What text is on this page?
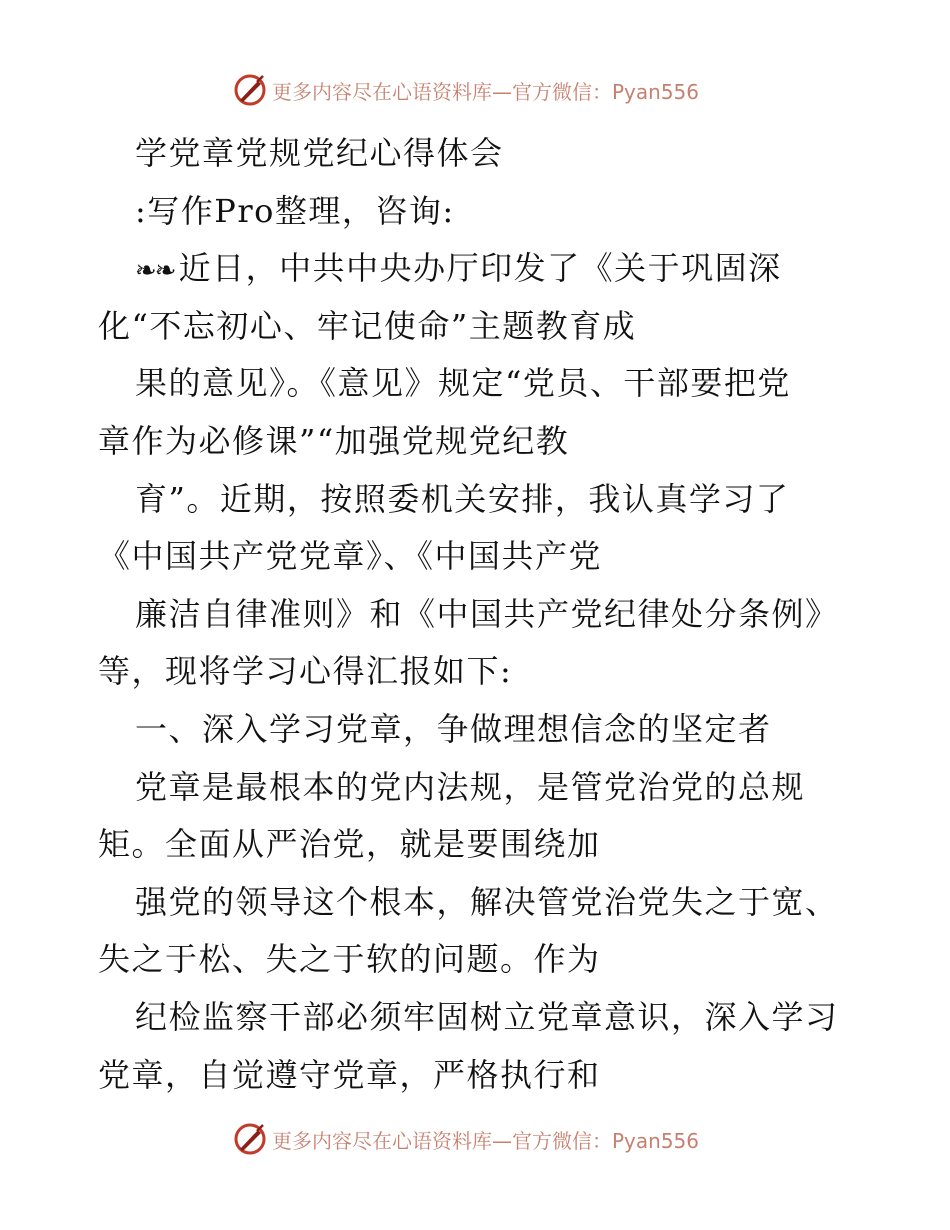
更多内容尽在心语资料库—官方微信：Pyan556
学党章党规党纪心得体会
:写作Pro整理，咨询:
❧❧ 近日，中共中央办厅印发了《关于巩固深
化“不忘初心、牢记使命”主题教育成
果的意见》。《意见》规定“党员、干部要把党
章作为必修课”“加强党规党纪教
育”。近期，按照委机关安排，我认真学习了
《中国共产党党章》、《中国共产党
廉洁自律准则》和《中国共产党纪律处分条例》
等，现将学习心得汇报如下:
一、深入学习党章，争做理想信念的坚定者
党章是最根本的党内法规，是管党治党的总规
矩。全面从严治党，就是要围绕加
强党的领导这个根本，解决管党治党失之于宽、
失之于松、失之于软的问题。作为
纪检监察干部必须牢固树立党章意识，深入学习
党章，自觉遵守党章，严格执行和
更多内容尽在心语资料库—官方微信：Pyan556
